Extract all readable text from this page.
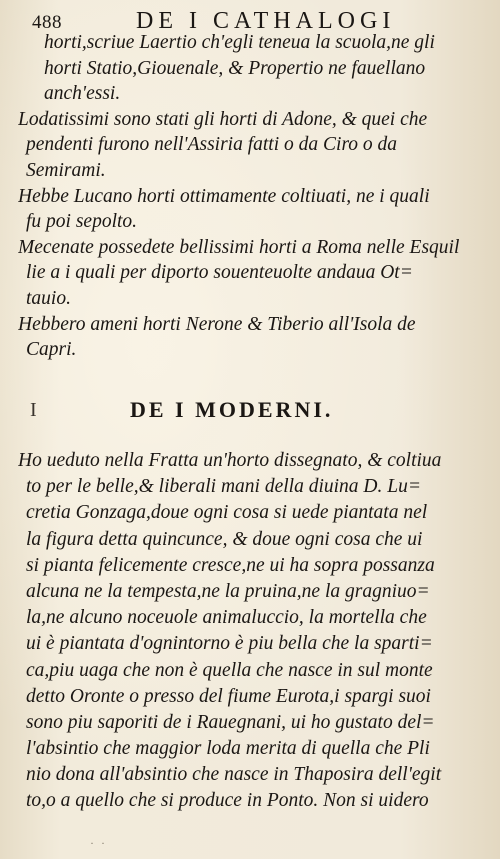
488	DE I CATHALOGI
horti,scriue Laertio ch'egli teneua la scuola,ne gli
horti Statio,Giouenale, & Propertio ne fauellano
anch'essi.
Lodatissimi sono stati gli horti di Adone, & quei che
pendenti furono nell'Assiria fatti o da Ciro o da
Semirami.
Hebbe Lucano horti ottimamente coltiuati, ne i quali
fu poi sepolto.
Mecenate possedete bellissimi horti a Roma nelle Esquil
lie a i quali per diporto souenteuolte andaua Ot=
tauio.
Hebbero ameni horti Nerone & Tiberio all'Isola de
Capri.
I	DE I MODERNI.
Ho ueduto nella Fratta un'horto dissegnato, & coltiua
to per le belle,& liberali mani della diuina D. Lu=
cretia Gonzaga,doue ogni cosa si uede piantata nel
la figura detta quincunce, & doue ogni cosa che ui
si pianta felicemente cresce,ne ui ha sopra possanza
alcuna ne la tempesta,ne la pruina,ne la gragniuo=
la,ne alcuno noceuole animaluccio, la mortella che
ui è piantata d'ognintorno è piu bella che la sparti=
ca,piu uaga che non è quella che nasce in sul monte
detto Oronte o presso del fiume Eurota,i spargi suoi
sono piu saporiti de i Rauegnani, ui ho gustato del=
l'absintio che maggior loda merita di quella che Pli
nio dona all'absintio che nasce in Thaposira dell'egit
to,o a quello che si produce in Ponto. Non si uidero
· ·
